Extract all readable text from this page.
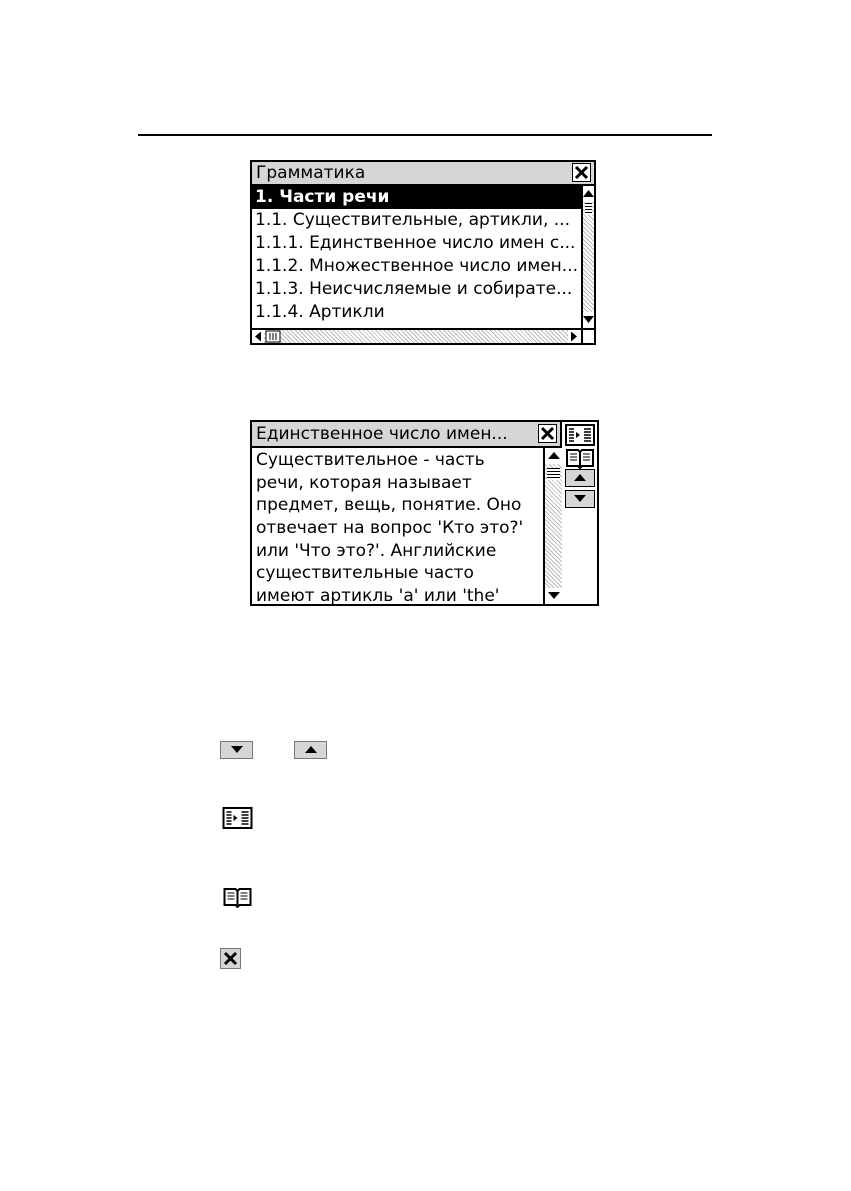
Грамматика
1. Части речи
1.1. Существительные, артикли, ...
1.1.1. Единственное число имен с...
1.1.2. Множественное число имен...
1.1.3. Неисчисляемые и собирате...
1.1.4. Артикли
Единственное число имен...
Существительное - часть
речи, которая называет
предмет, вещь, понятие. Оно
отвечает на вопрос 'Кто это?'
или 'Что это?'. Английские
существительные часто
имеют артикль 'a' или 'the'
